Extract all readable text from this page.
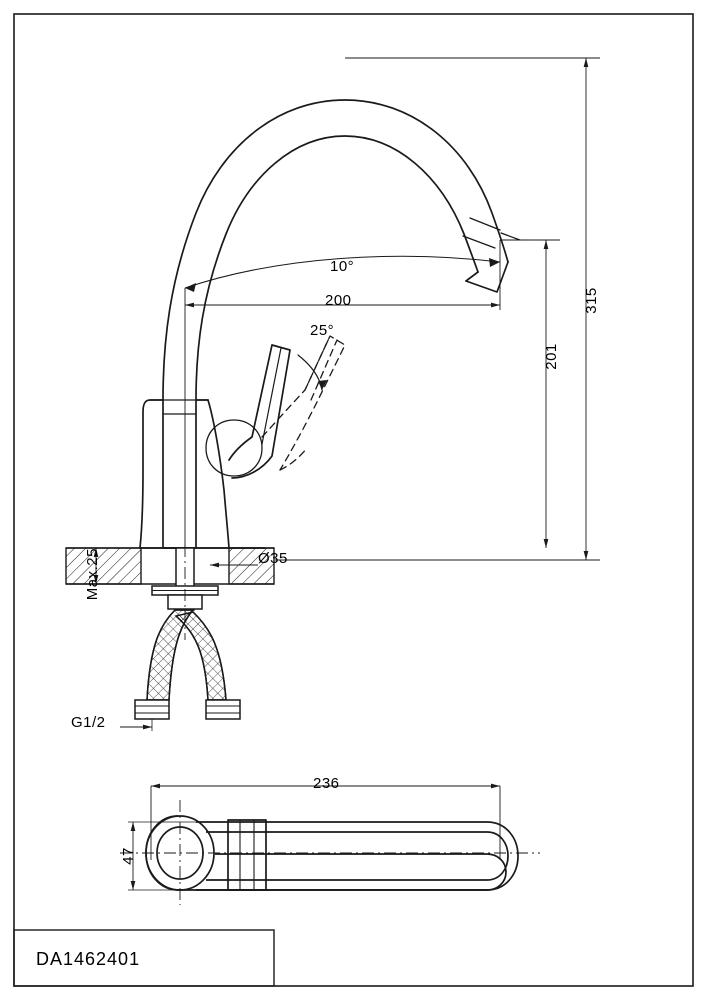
315
201
200
10°
25°
Max.25	Ø35
G1/2
236
47
DA1462401
